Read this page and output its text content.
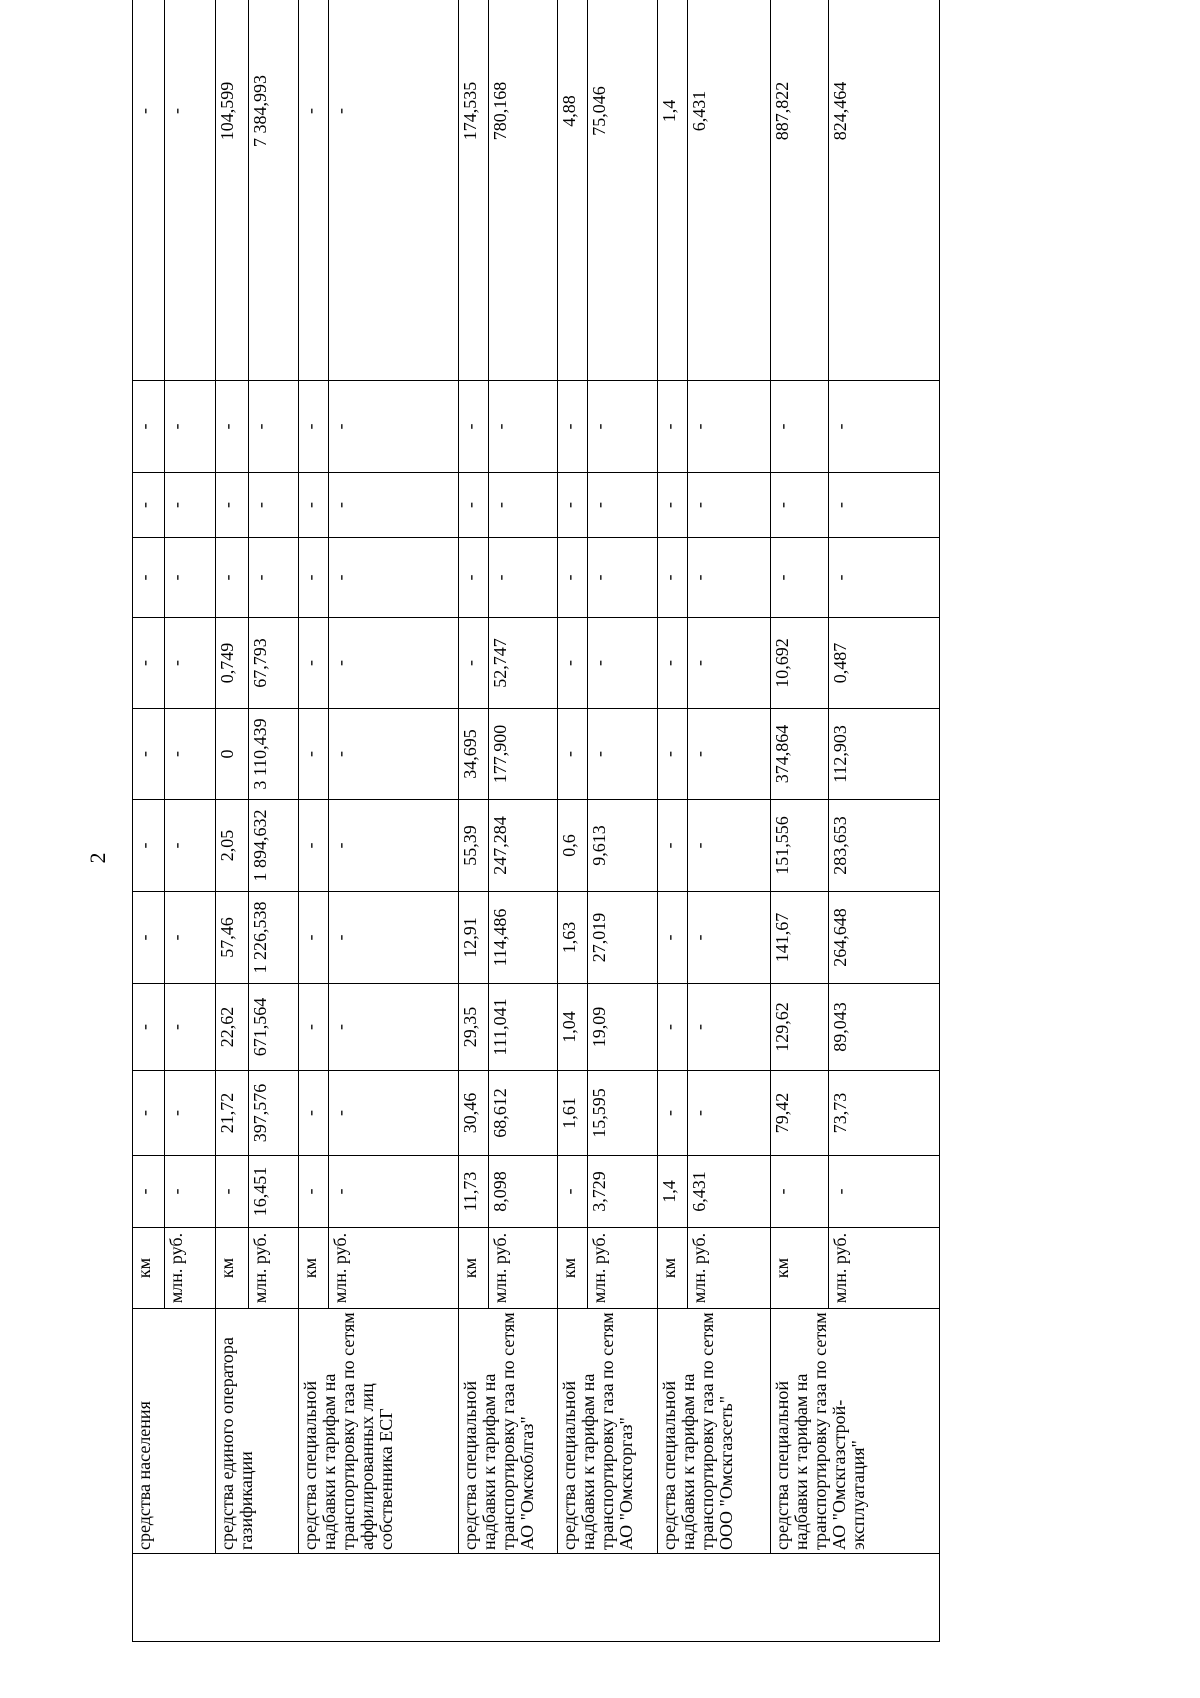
2
	средства населения	км	-	-	-	-	-	-	-	-	-	-	-
		млн. руб.	-	-	-	-	-	-	-	-	-	-	-
	средства единого оператора газификации	км	-	21,72	22,62	57,46	2,05	0	0,749	-	-	-	104,599
		млн. руб.	16,451	397,576	671,564	1 226,538	1 894,632	3 110,439	67,793	-	-	-	7 384,993
	средства специальной надбавки к тарифам на транспортировку газа по сетям аффилированных лиц собственника ЕСГ	км	-	-	-	-	-	-	-	-	-	-	-
		млн. руб.	-	-	-	-	-	-	-	-	-	-	-
	средства специальной надбавки к тарифам на транспортировку газа по сетям АО "Омскоблгаз"	км	11,73	30,46	29,35	12,91	55,39	34,695	-	-	-	-	174,535
		млн. руб.	8,098	68,612	111,041	114,486	247,284	177,900	52,747	-	-	-	780,168
	средства специальной надбавки к тарифам на транспортировку газа по сетям АО "Омскгоргаз"	км	-	1,61	1,04	1,63	0,6	-	-	-	-	-	4,88
		млн. руб.	3,729	15,595	19,09	27,019	9,613	-	-	-	-	-	75,046
	средства специальной надбавки к тарифам на транспортировку газа по сетям ООО "Омскгазсеть"	км	1,4	-	-	-	-	-	-	-	-	-	1,4
		млн. руб.	6,431	-	-	-	-	-	-	-	-	-	6,431
	средства специальной надбавки к тарифам на транспортировку газа по сетям АО "Омскгазстрой-эксплуатация"	км	-	79,42	129,62	141,67	151,556	374,864	10,692	-	-	-	887,822
		млн. руб.	-	73,73	89,043	264,648	283,653	112,903	0,487	-	-	-	824,464
